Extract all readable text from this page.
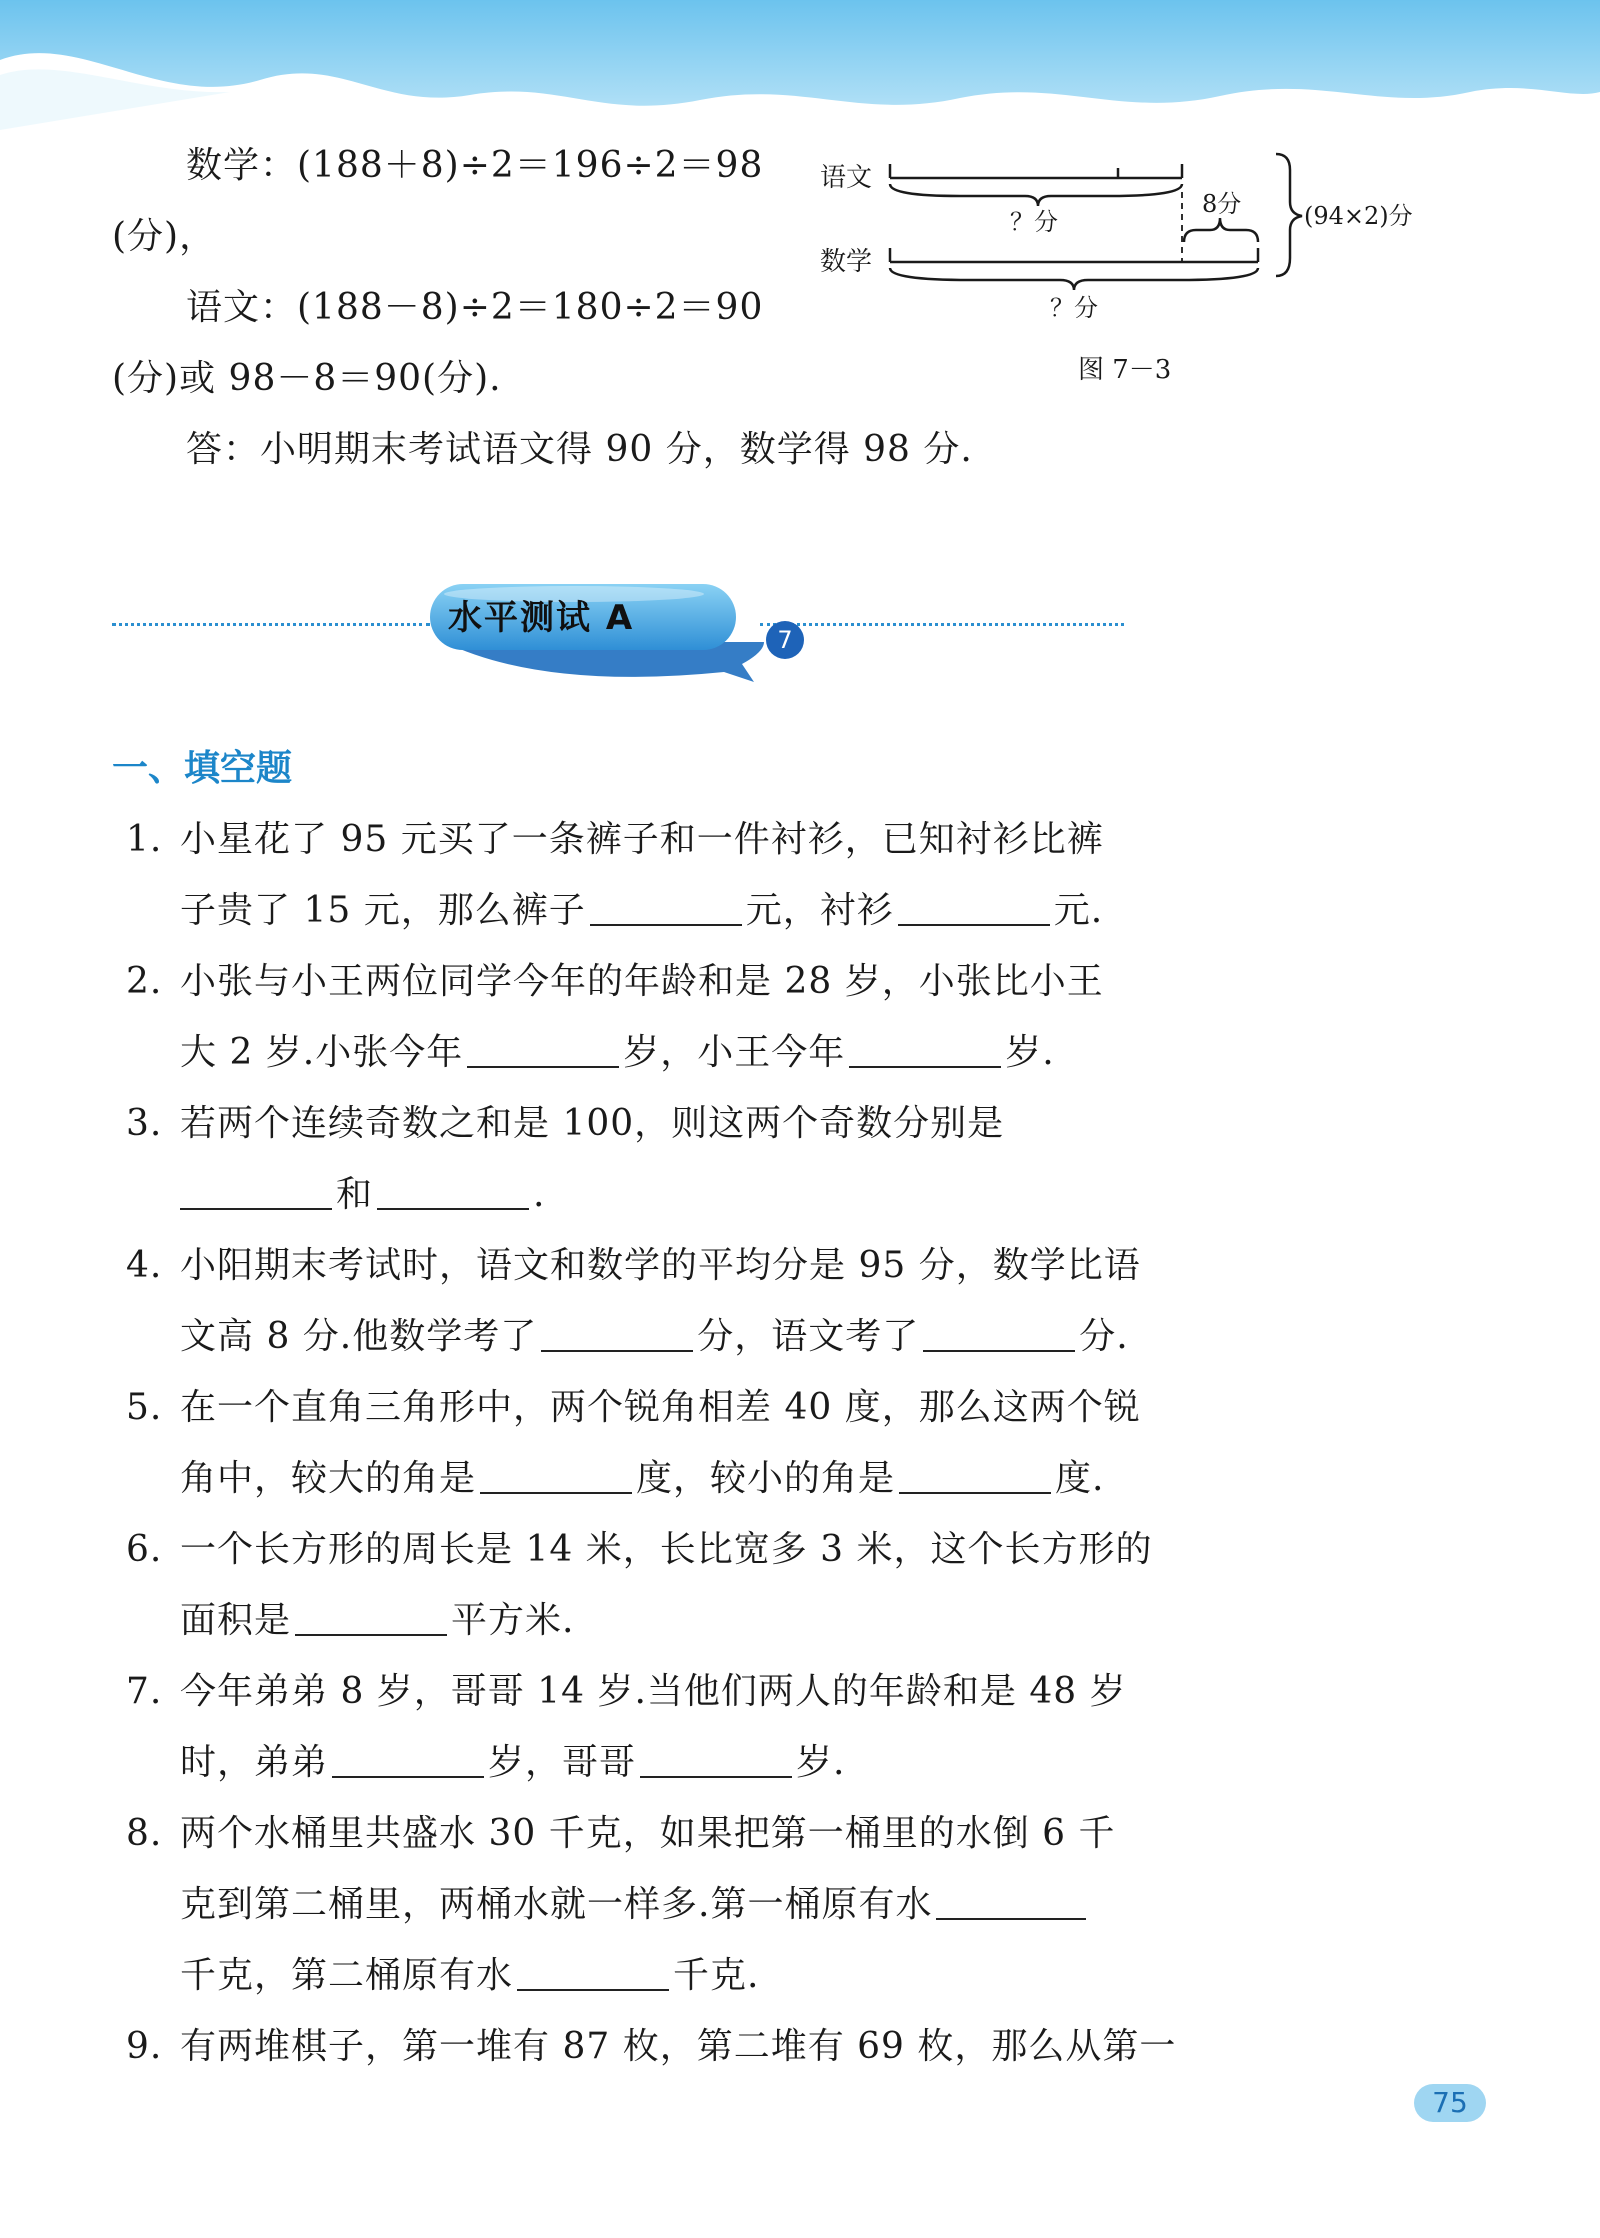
数学：(188＋8)÷2＝196÷2＝98
(分)，
语文：(188－8)÷2＝180÷2＝90
(分)或 98－8＝90(分).
答：小明期末考试语文得 90 分，数学得 98 分.
语文
数学
？分
8分
？分
(94×2)分
图 7－3
水平测试 A
7
一、填空题
1. 小星花了 95 元买了一条裤子和一件衬衫，已知衬衫比裤
子贵了 15 元，那么裤子	元，衬衫	元.
2. 小张与小王两位同学今年的年龄和是 28 岁，小张比小王
大 2 岁.小张今年	岁，小王今年	岁.
3. 若两个连续奇数之和是 100，则这两个奇数分别是
和	.
4. 小阳期末考试时，语文和数学的平均分是 95 分，数学比语
文高 8 分.他数学考了	分，语文考了	分.
5. 在一个直角三角形中，两个锐角相差 40 度，那么这两个锐
角中，较大的角是	度，较小的角是	度.
6. 一个长方形的周长是 14 米，长比宽多 3 米，这个长方形的
面积是	平方米.
7. 今年弟弟 8 岁，哥哥 14 岁.当他们两人的年龄和是 48 岁
时，弟弟	岁，哥哥	岁.
8. 两个水桶里共盛水 30 千克，如果把第一桶里的水倒 6 千
克到第二桶里，两桶水就一样多.第一桶原有水
千克，第二桶原有水	千克.
9. 有两堆棋子，第一堆有 87 枚，第二堆有 69 枚，那么从第一
75
